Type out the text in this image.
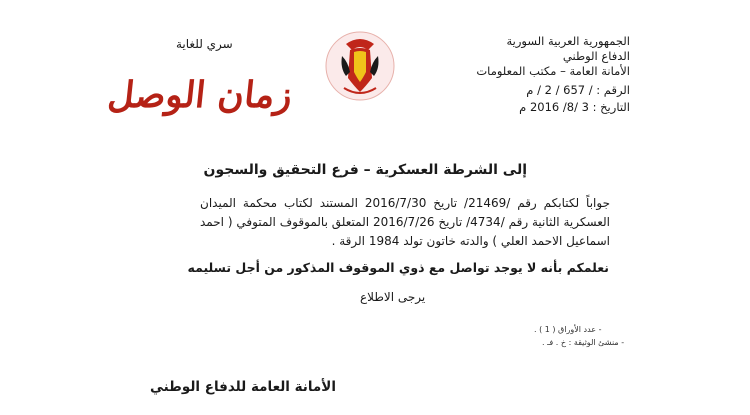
الجمهورية العربية السورية
الدفاع الوطني
الأمانة العامة – مكتب المعلومات
الرقم : / 657 / 2 / م
التاريخ : 3 /8/ 2016 م
سري للغاية
زمان الوصل
إلى الشرطة العسكرية – فرع التحقيق والسجون
جواباً لكتابكم رقم /21469/ تاريخ 2016/7/30 المستند لكتاب محكمة الميدان العسكرية الثانية رقم /4734/ تاريخ 2016/7/26 المتعلق بالموقوف المتوفي ( احمد اسماعيل الاحمد العلي ) والدته خاتون تولد 1984 الرقة .
نعلمكم بأنه لا يوجد تواصل مع ذوي الموقوف المذكور من أجل تسليمه
يرجى الاطلاع
- عدد الأوراق ( 1 ) .
- منشئ الوثيقة : خ . فـ .
الأمانة العامة للدفاع الوطني
